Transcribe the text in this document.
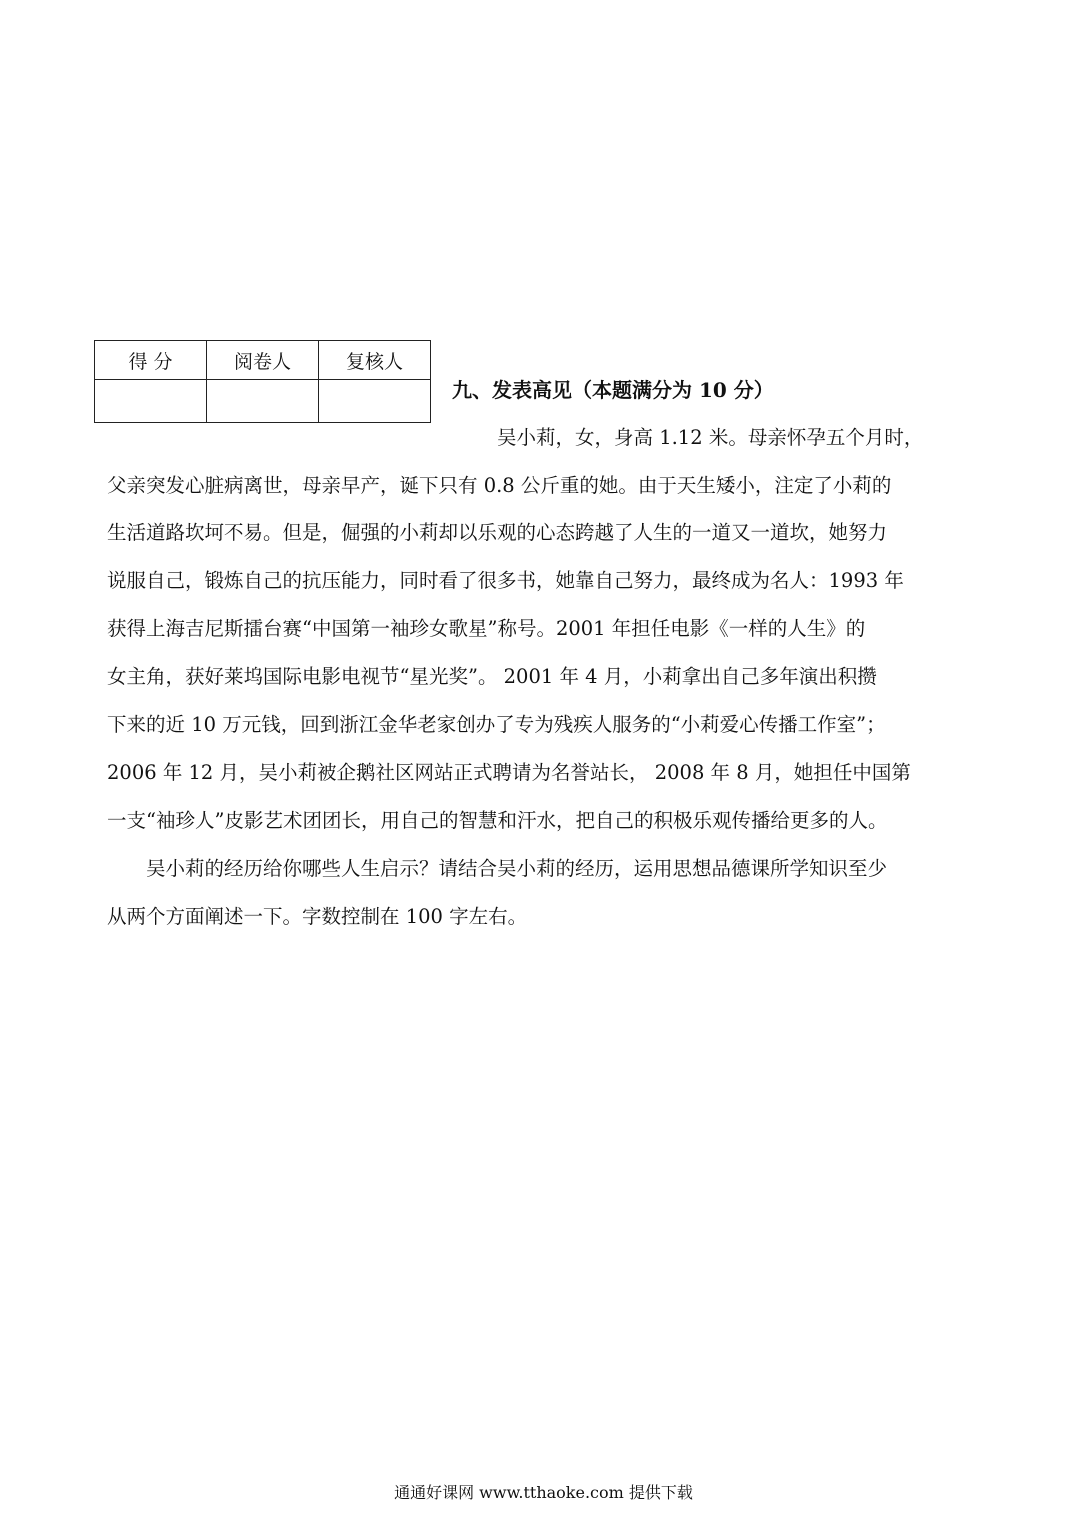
得 分	阅卷人	复核人

九、发表高见（本题满分为 10 分）
吴小莉，女，身高 1.12 米。母亲怀孕五个月时，
父亲突发心脏病离世，母亲早产，诞下只有 0.8 公斤重的她。由于天生矮小，注定了小莉的
生活道路坎坷不易。但是，倔强的小莉却以乐观的心态跨越了人生的一道又一道坎，她努力
说服自己，锻炼自己的抗压能力，同时看了很多书，她靠自己努力，最终成为名人：1993 年
获得上海吉尼斯擂台赛“中国第一袖珍女歌星”称号。2001 年担任电影《一样的人生》的
女主角，获好莱坞国际电影电视节“星光奖”。 2001 年 4 月，小莉拿出自己多年演出积攒
下来的近 10 万元钱，回到浙江金华老家创办了专为残疾人服务的“小莉爱心传播工作室”；
2006 年 12 月，吴小莉被企鹅社区网站正式聘请为名誉站长， 2008 年 8 月，她担任中国第
一支“袖珍人”皮影艺术团团长，用自己的智慧和汗水，把自己的积极乐观传播给更多的人。
吴小莉的经历给你哪些人生启示？请结合吴小莉的经历，运用思想品德课所学知识至少
从两个方面阐述一下。字数控制在 100 字左右。
通通好课网 www.tthaoke.com 提供下载
